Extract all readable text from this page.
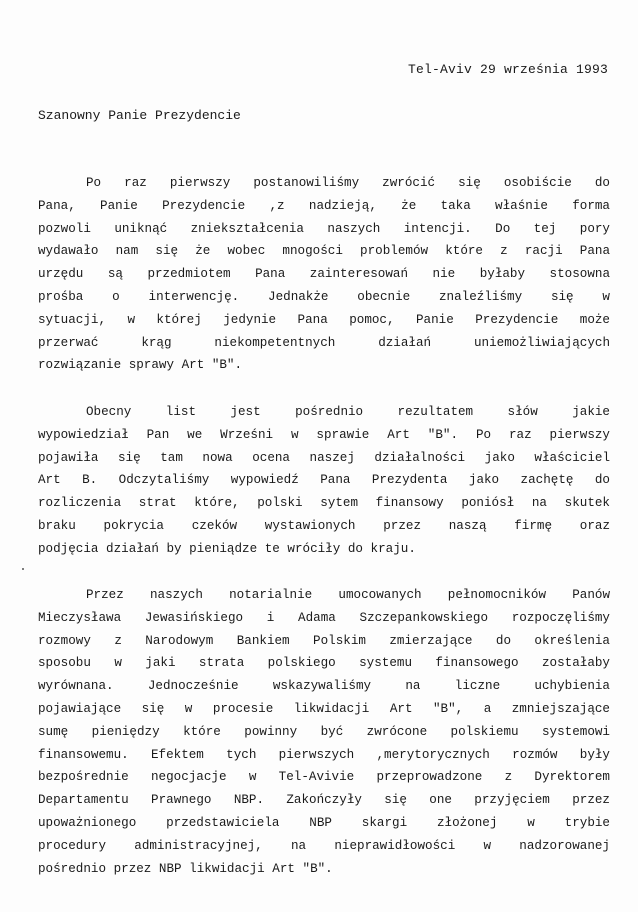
Tel-Aviv 29 września 1993
Szanowny Panie Prezydencie
Po raz pierwszy postanowiliśmy zwrócić się osobiście do
Pana, Panie Prezydencie ,z nadzieją, że taka właśnie forma
pozwoli uniknąć zniekształcenia naszych intencji. Do tej pory
wydawało nam się że wobec mnogości problemów które z racji Pana
urzędu są przedmiotem Pana zainteresowań nie byłaby stosowna
prośba o interwencję. Jednakże obecnie znaleźliśmy się w
sytuacji, w której jedynie Pana pomoc, Panie Prezydencie może
przerwać krąg niekompetentnych działań uniemożliwiających
rozwiązanie sprawy Art "B".
Obecny list jest pośrednio rezultatem słów jakie
wypowiedział Pan we Wrześni w sprawie Art "B". Po raz pierwszy
pojawiła się tam nowa ocena naszej działalności jako właściciel
Art B. Odczytaliśmy wypowiedź Pana Prezydenta jako zachętę do
rozliczenia strat które, polski sytem finansowy poniósł na skutek
braku pokrycia czeków wystawionych przez naszą firmę oraz
podjęcia działań by pieniądze te wróciły do kraju.
Przez naszych notarialnie umocowanych pełnomocników Panów
Mieczysława Jewasińskiego i Adama Szczepankowskiego rozpoczęliśmy
rozmowy z Narodowym Bankiem Polskim zmierzające do określenia
sposobu w jaki strata polskiego systemu finansowego zostałaby
wyrównana. Jednocześnie wskazywaliśmy na liczne uchybienia
pojawiające się w procesie likwidacji Art "B", a zmniejszające
sumę pieniędzy które powinny być zwrócone polskiemu systemowi
finansowemu. Efektem tych pierwszych ,merytorycznych rozmów były
bezpośrednie negocjacje w Tel-Avivie przeprowadzone z Dyrektorem
Departamentu Prawnego NBP. Zakończyły się one przyjęciem przez
upoważnionego przedstawiciela NBP skargi złożonej w trybie
procedury administracyjnej, na nieprawidłowości w nadzorowanej
pośrednio przez NBP likwidacji Art "B".
